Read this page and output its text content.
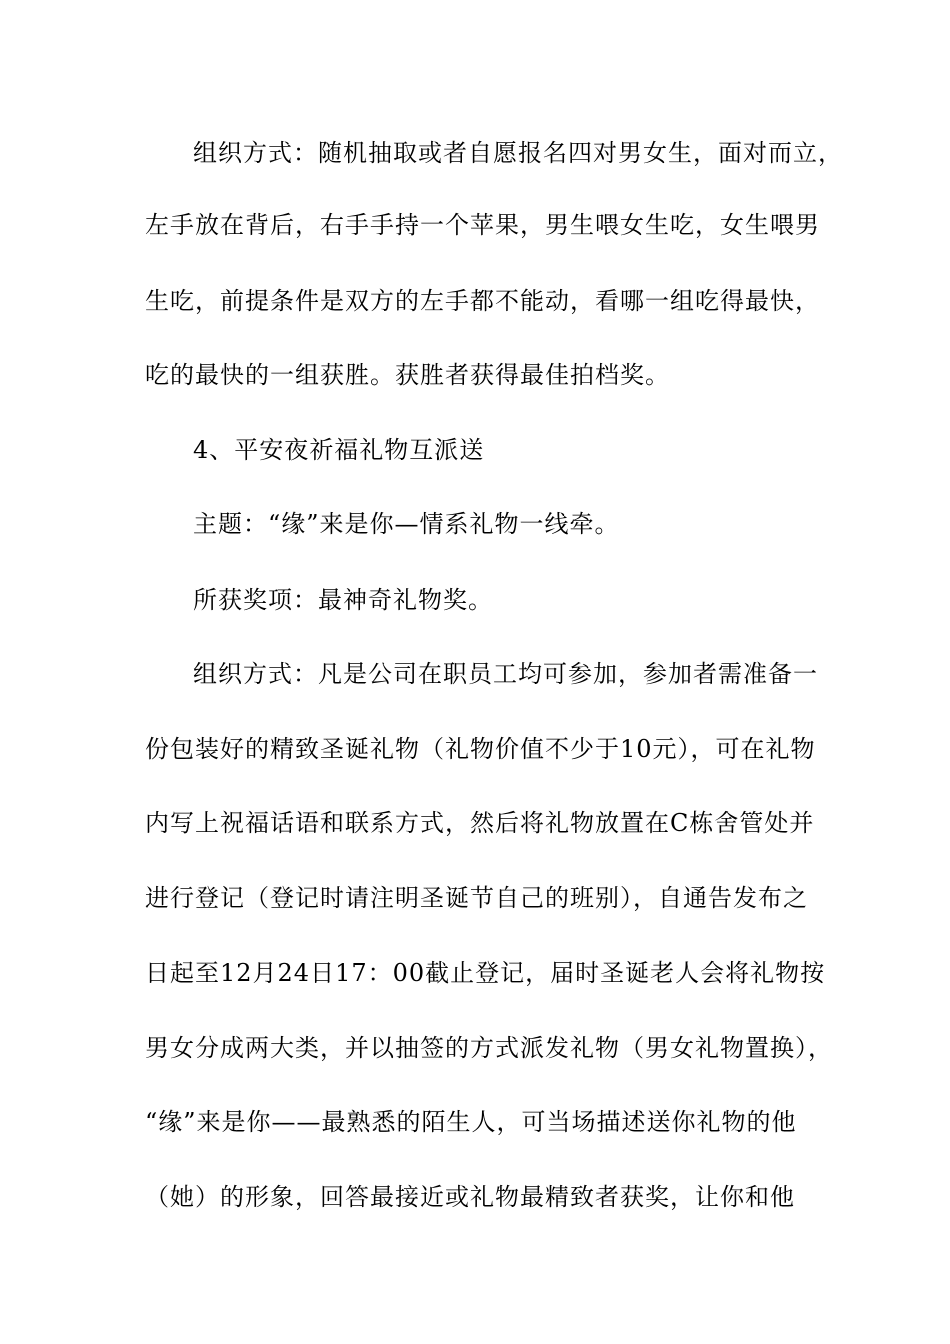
组织方式：随机抽取或者自愿报名四对男女生，面对而立，
左手放在背后，右手手持一个苹果，男生喂女生吃，女生喂男
生吃，前提条件是双方的左手都不能动，看哪一组吃得最快，
吃的最快的一组获胜。获胜者获得最佳拍档奖。
4、平安夜祈福礼物互派送
主题：“缘”来是你—情系礼物一线牵。
所获奖项：最神奇礼物奖。
组织方式：凡是公司在职员工均可参加，参加者需准备一
份包装好的精致圣诞礼物（礼物价值不少于10元），可在礼物
内写上祝福话语和联系方式，然后将礼物放置在C栋舍管处并
进行登记（登记时请注明圣诞节自己的班别），自通告发布之
日起至12月24日17：00截止登记，届时圣诞老人会将礼物按
男女分成两大类，并以抽签的方式派发礼物（男女礼物置换），
“缘”来是你——最熟悉的陌生人，可当场描述送你礼物的他
（她）的形象，回答最接近或礼物最精致者获奖，让你和他
